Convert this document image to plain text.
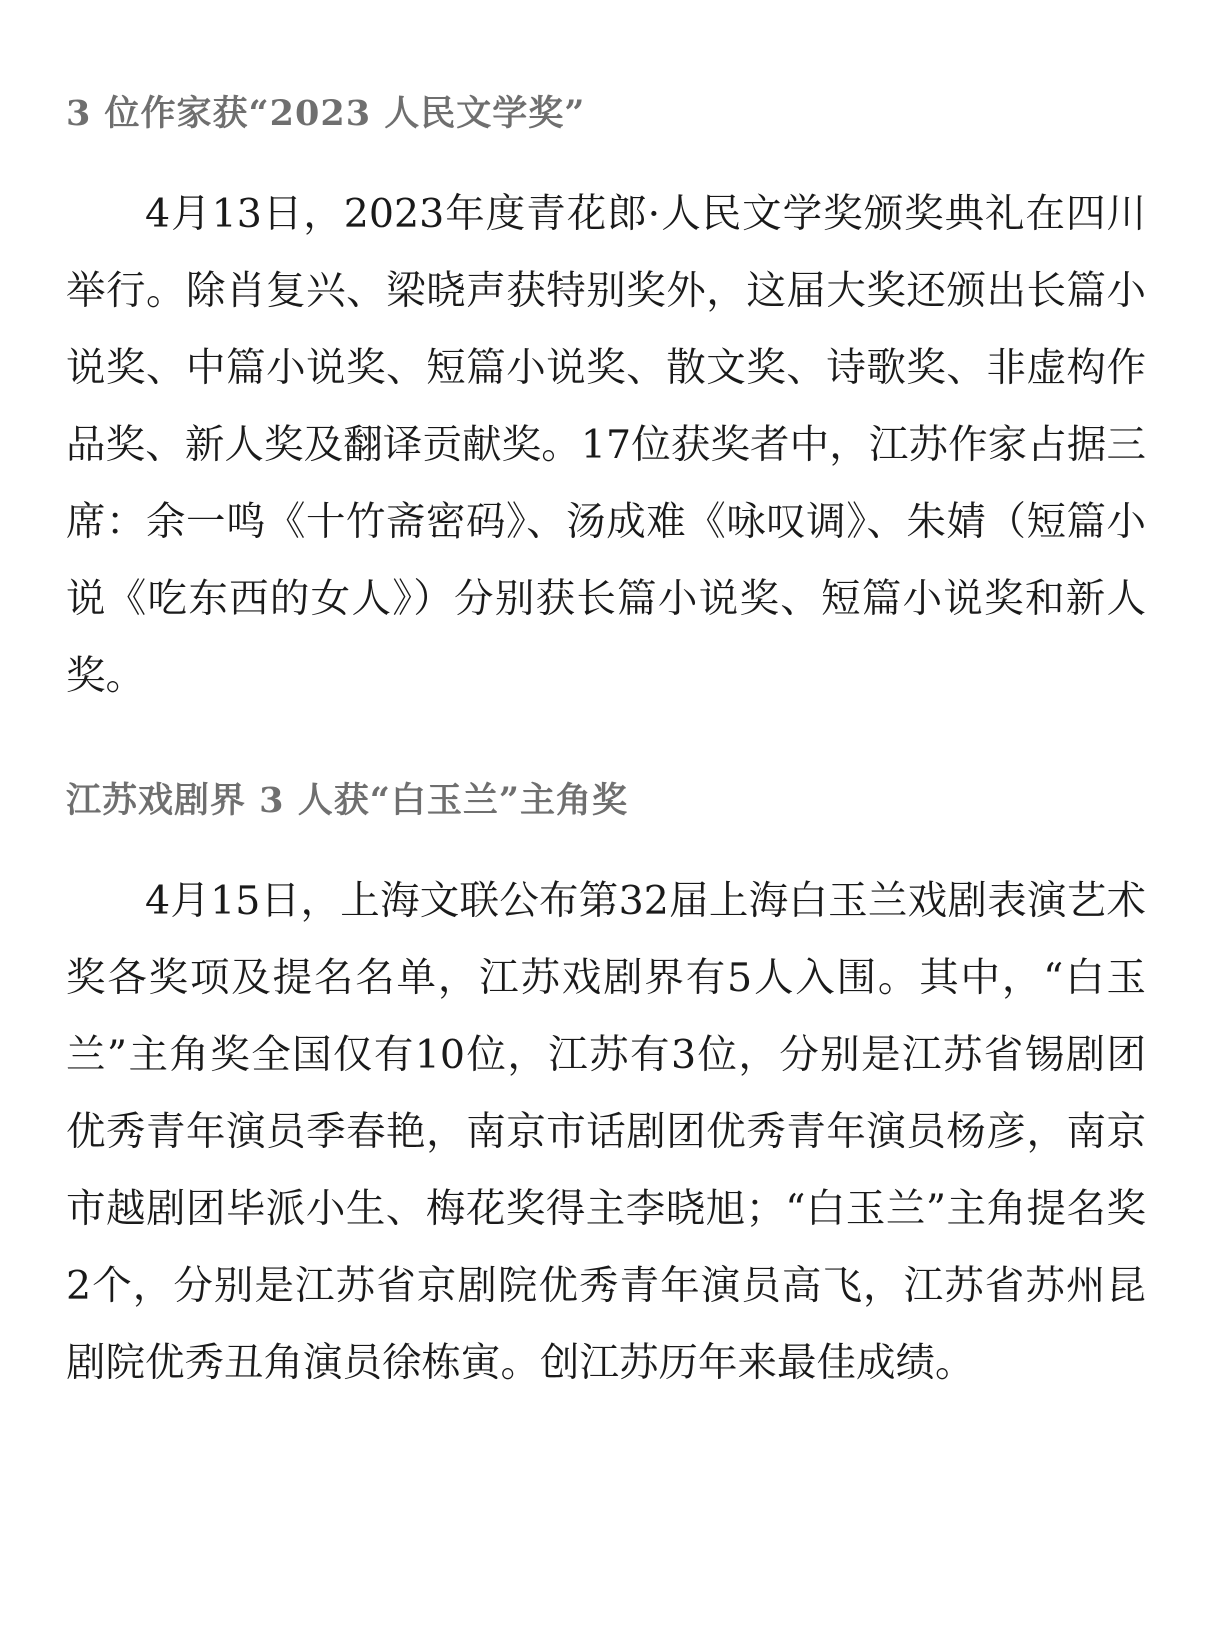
3 位作家获“2023 人民文学奖”

4月13日，2023年度青花郎·人民文学奖颁奖典礼在四川举行。除肖复兴、梁晓声获特别奖外，这届大奖还颁出长篇小说奖、中篇小说奖、短篇小说奖、散文奖、诗歌奖、非虚构作品奖、新人奖及翻译贡献奖。17位获奖者中，江苏作家占据三席：余一鸣《十竹斋密码》、汤成难《咏叹调》、朱婧（短篇小说《吃东西的女人》）分别获长篇小说奖、短篇小说奖和新人奖。

江苏戏剧界 3 人获“白玉兰”主角奖

4月15日，上海文联公布第32届上海白玉兰戏剧表演艺术奖各奖项及提名名单，江苏戏剧界有5人入围。其中，“白玉兰”主角奖全国仅有10位，江苏有3位，分别是江苏省锡剧团优秀青年演员季春艳，南京市话剧团优秀青年演员杨彦，南京市越剧团毕派小生、梅花奖得主李晓旭；“白玉兰”主角提名奖2个，分别是江苏省京剧院优秀青年演员高飞，江苏省苏州昆剧院优秀丑角演员徐栋寅。创江苏历年来最佳成绩。
